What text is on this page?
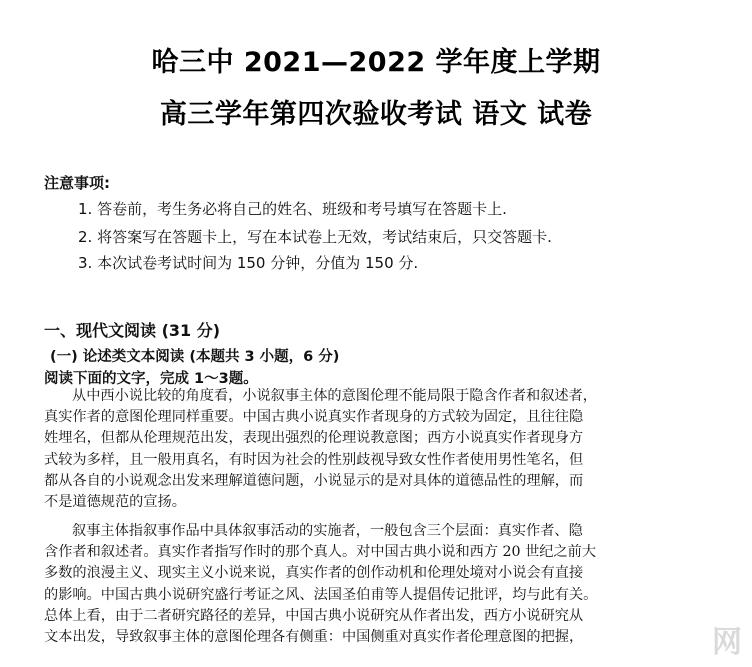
哈三中 2021—2022 学年度上学期
高三学年第四次验收考试 语文 试卷
注意事项:
1. 答卷前，考生务必将自己的姓名、班级和考号填写在答题卡上.
2. 将答案写在答题卡上，写在本试卷上无效，考试结束后，只交答题卡.
3. 本次试卷考试时间为 150 分钟，分值为 150 分.
一、现代文阅读 (31 分)
(一) 论述类文本阅读 (本题共 3 小题，6 分)
阅读下面的文字，完成 1～3题。
从中西小说比较的角度看，小说叙事主体的意图伦理不能局限于隐含作者和叙述者，
真实作者的意图伦理同样重要。中国古典小说真实作者现身的方式较为固定，且往往隐
姓埋名，但都从伦理规范出发，表现出强烈的伦理说教意图；西方小说真实作者现身方
式较为多样，且一般用真名，有时因为社会的性别歧视导致女性作者使用男性笔名，但
都从各自的小说观念出发来理解道德问题，小说显示的是对具体的道德品性的理解，而
不是道德规范的宣扬。
叙事主体指叙事作品中具体叙事活动的实施者，一般包含三个层面：真实作者、隐
含作者和叙述者。真实作者指写作时的那个真人。对中国古典小说和西方 20 世纪之前大
多数的浪漫主义、现实主义小说来说，真实作者的创作动机和伦理处境对小说会有直接
的影响。中国古典小说研究盛行考证之风、法国圣伯甫等人提倡传记批评，均与此有关。
总体上看，由于二者研究路径的差异，中国古典小说研究从作者出发，西方小说研究从
文本出发，导致叙事主体的意图伦理各有侧重：中国侧重对真实作者伦理意图的把握，	网
